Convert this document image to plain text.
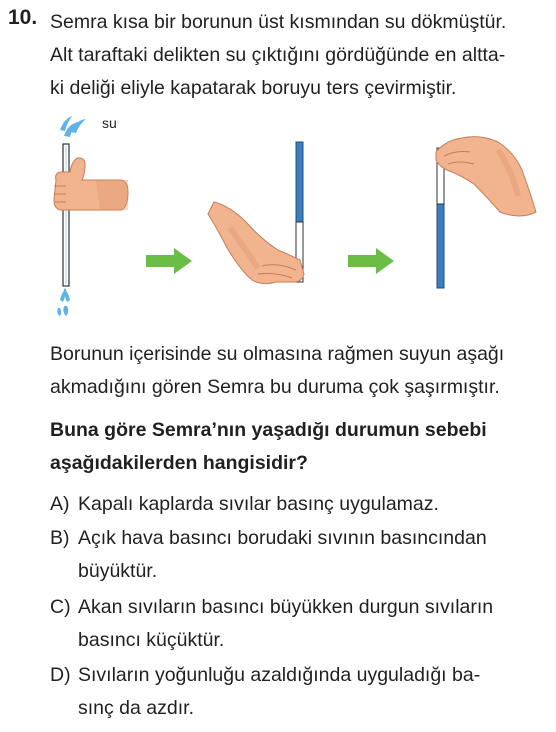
10. Semra kısa bir borunun üst kısmından su dökmüştür.
Alt taraftaki delikten su çıktığını gördüğünde en altta-
ki deliği eliyle kapatarak boruyu ters çevirmiştir.
su
Borunun içerisinde su olmasına rağmen suyun aşağı
akmadığını gören Semra bu duruma çok şaşırmıştır.
Buna göre Semra’nın yaşadığı durumun sebebi
aşağıdakilerden hangisidir?
A) Kapalı kaplarda sıvılar basınç uygulamaz.
B) Açık hava basıncı borudaki sıvının basıncından
büyüktür.
C) Akan sıvıların basıncı büyükken durgun sıvıların
basıncı küçüktür.
D) Sıvıların yoğunluğu azaldığında uyguladığı ba-
sınç da azdır.
